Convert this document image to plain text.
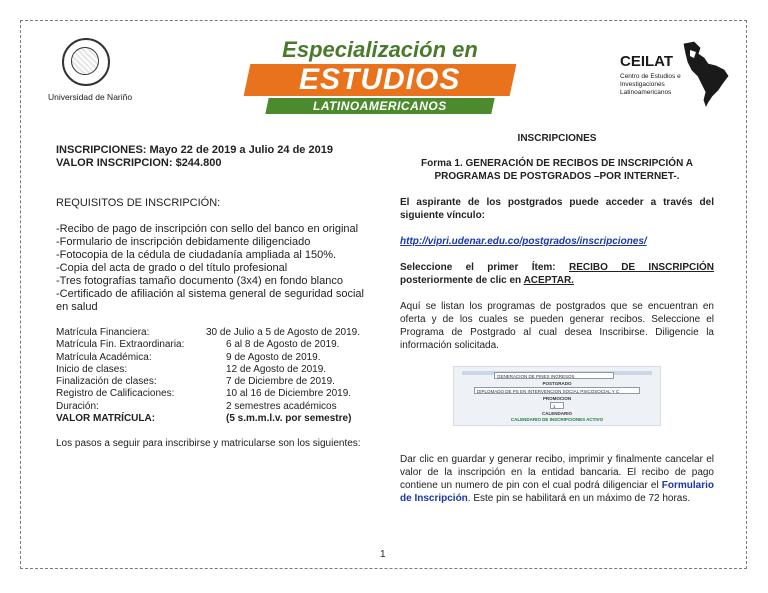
Universidad de Nariño
Especialización en
ESTUDIOS
LATINOAMERICANOS
CEILAT
Centro de Estudios e Investigaciones Latinoamericanos

INSCRIPCIONES: Mayo 22 de 2019 a Julio 24 de 2019

VALOR INSCRIPCION: $244.800

REQUISITOS DE INSCRIPCIÓN:

-Recibo de pago de inscripción con sello del banco en original

-Formulario de inscripción debidamente diligenciado

-Fotocopia de la cédula de ciudadanía ampliada al 150%.

-Copia del acta de grado o del título profesional

-Tres fotografías tamaño documento (3x4) en fondo blanco

-Certificado de afiliación al sistema general de seguridad social en salud

Matrícula Financiera:	30 de Julio a 5 de Agosto de 2019.
Matrícula Fin. Extraordinaria:	6 al 8 de Agosto de 2019.
Matrícula Académica:	9 de Agosto de 2019.
Inicio de clases:	12 de Agosto de 2019.
Finalización de clases:	7 de Diciembre de 2019.
Registro de Calificaciones:	10 al 16 de Diciembre 2019.
Duración:	2 semestres académicos
VALOR MATRÍCULA:	(5 s.m.m.l.v. por semestre)

Los pasos a seguir para inscribirse y matricularse son los siguientes:

INSCRIPCIONES

Forma 1. GENERACIÓN DE RECIBOS DE INSCRIPCIÓN A PROGRAMAS DE POSTGRADOS –POR INTERNET-.

El aspirante de los postgrados puede acceder a través del siguiente vínculo:

http://vipri.udenar.edu.co/postgrados/inscripciones/

Seleccione el primer Ítem: RECIBO DE INSCRIPCIÓN posteriormente de clic en ACEPTAR.

Aquí se listan los programas de postgrados que se encuentran en oferta y de los cuales se pueden generar recibos. Seleccione el Programa de Postgrado al cual desea Inscribirse. Diligencie la información solicitada.

GENERACION DE PINES INGRESOS
POSTGRADO
DIPLOMADO DE PS EN INTERVENCION SOCIAL PSICOSOCIAL Y C
PROMOCION
1
CALENDARIO
CALENDARIO DE INSCRIPCIONES ACTIVO

Dar clic en guardar y generar recibo, imprimir y finalmente cancelar el valor de la inscripción en la entidad bancaria. El recibo de pago contiene un numero de pin con el cual podrá diligenciar el Formulario de Inscripción. Este pin se habilitará en un máximo de 72 horas.

1
